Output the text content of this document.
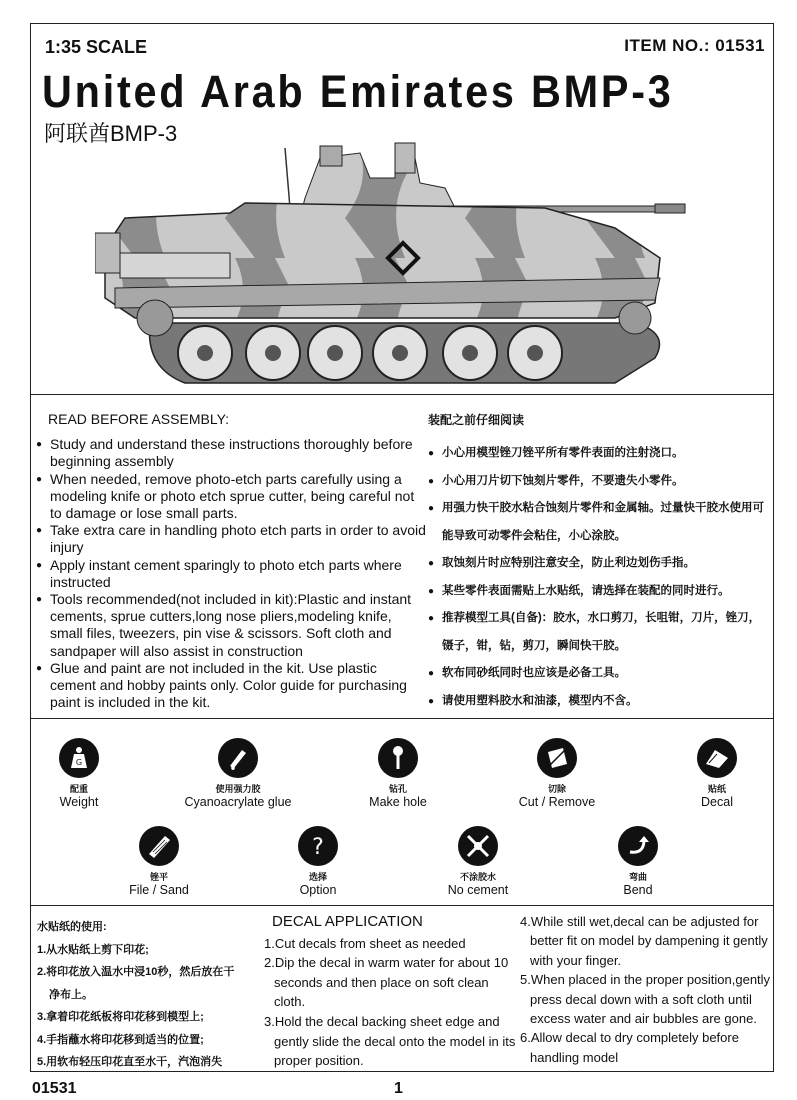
1:35 SCALE	ITEM NO.: 01531
United Arab Emirates BMP-3
阿联酋BMP-3
READ BEFORE ASSEMBLY:
● Study and understand these instructions thoroughly before beginning assembly
● When needed, remove photo-etch parts carefully using a modeling knife or photo etch sprue cutter, being careful not to damage or lose small parts.
● Take extra care in handling photo etch parts in order to avoid injury
● Apply instant cement sparingly to photo etch parts where instructed
● Tools recommended(not included in kit):Plastic and instant cements, sprue cutters,long nose pliers,modeling knife, small files, tweezers, pin vise & scissors. Soft cloth and sandpaper will also assist in construction
● Glue and paint are not included in the kit. Use plastic cement and hobby paints only. Color guide for purchasing paint is included in the kit.
装配之前仔细阅读
● 小心用模型锉刀锉平所有零件表面的注射浇口。
● 小心用刀片切下蚀刻片零件，不要遗失小零件。
● 用强力快干胶水粘合蚀刻片零件和金属轴。过量快干胶水使用可能导致可动零件会粘住，小心涂胶。
● 取蚀刻片时应特别注意安全，防止利边划伤手指。
● 某些零件表面需贴上水贴纸，请选择在装配的同时进行。
● 推荐模型工具(自备)：胶水，水口剪刀，长咀钳，刀片，锉刀，镊子，钳，钻，剪刀，瞬间快干胶。
● 软布同砂纸同时也应该是必备工具。
● 请使用塑料胶水和油漆，模型内不含。
G
配重
Weight
使用强力胶
Cyanoacrylate glue
钻孔
Make hole
切除
Cut / Remove
贴纸
Decal
锉平
File / Sand
?
选择
Option
不涂胶水
No cement
弯曲
Bend
水贴纸的使用:
1.从水贴纸上剪下印花;
2.将印花放入温水中浸10秒，然后放在干净布上。
3.拿着印花纸板将印花移到模型上;
4.手指蘸水将印花移到适当的位置;
5.用软布轻压印花直至水干，汽泡消失
DECAL APPLICATION
1.Cut decals from sheet as needed
2.Dip the decal in warm water for about 10 seconds and then place on soft clean cloth.
3.Hold the decal backing sheet edge and gently slide the decal onto the model in its proper position.
4.While still wet,decal can be adjusted for better fit on model by dampening it gently with your finger.
5.When placed in the proper position,gently press decal down with a soft cloth until excess water and air bubbles are gone.
6.Allow decal to dry completely before handling model
01531	1
